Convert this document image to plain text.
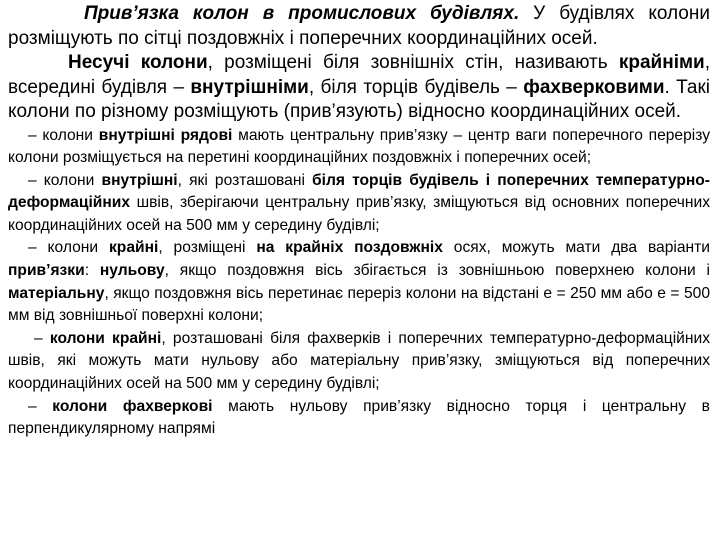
Прив’язка колон в промислових будівлях. У будівлях колони розміщують по сітці поздовжніх і поперечних координаційних осей.

Несучі колони, розміщені біля зовнішніх стін, називають крайніми, всередині будівля – внутрішніми, біля торців будівель – фахверковими. Такі колони по різному розміщують (прив’язують) відносно координаційних осей.

– колони внутрішні рядові мають центральну прив’язку – центр ваги поперечного перерізу колони розміщується на перетині координаційних поздовжніх і поперечних осей;

– колони внутрішні, які розташовані біля торців будівель і поперечних температурно-деформаційних швів, зберігаючи центральну прив’язку, зміщуються від основних поперечних координаційних осей на 500 мм у середину будівлі;

– колони крайні, розміщені на крайніх поздовжніх осях, можуть мати два варіанти прив’язки: нульову, якщо поздовжня вісь збігається із зовнішньою поверхнею колони і матеріальну, якщо поздовжня вісь перетинає переріз колони на відстані е = 250 мм або е = 500 мм від зовнішньої поверхні колони;

– колони крайні, розташовані біля фахверків і поперечних температурно-деформаційних швів, які можуть мати нульову або матеріальну прив’язку, зміщуються від поперечних координаційних осей на 500 мм у середину будівлі;

– колони фахверкові мають нульову прив’язку відносно торця і центральну в перпендикулярному напрямі
